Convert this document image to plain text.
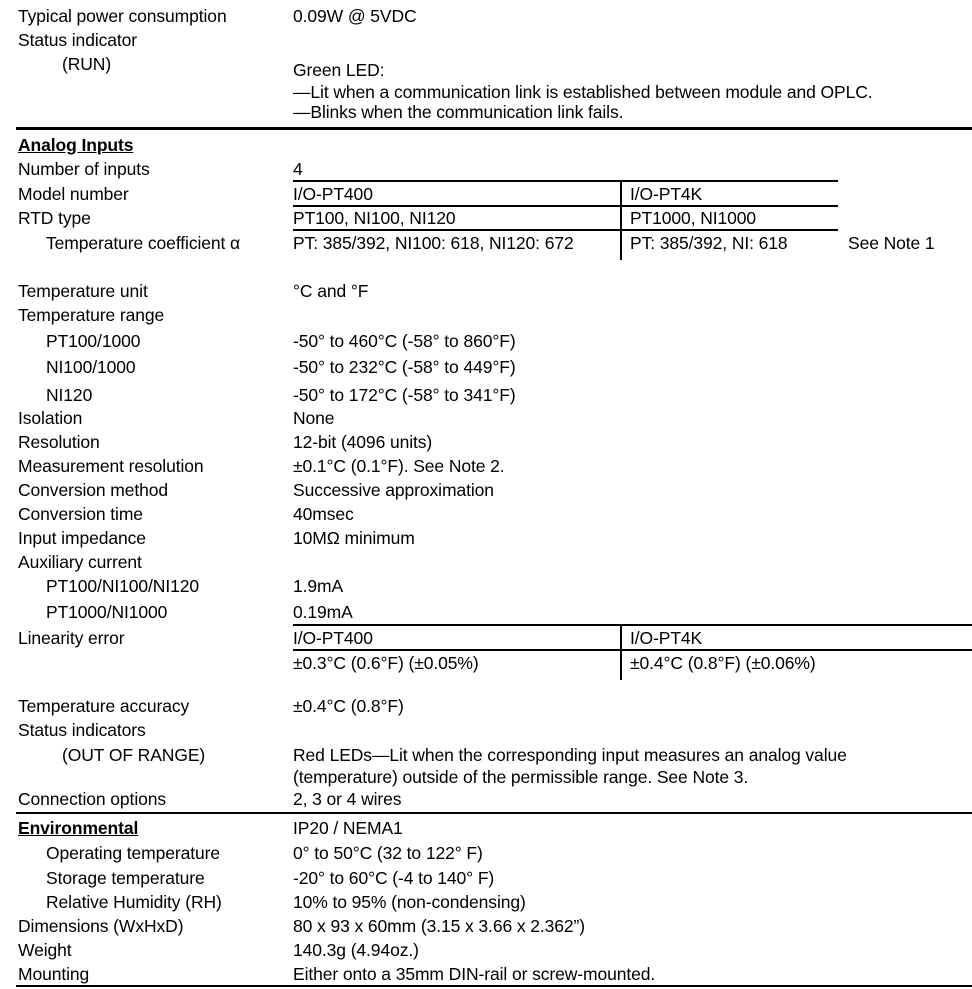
Typical power consumption	0.09W @ 5VDC
Status indicator
(RUN)	Green LED:
—Lit when a communication link is established between module and OPLC.
—Blinks when the communication link fails.
Analog Inputs
Number of inputs	4
Model number	I/O-PT400	I/O-PT4K
RTD type	PT100, NI100, NI120	PT1000, NI1000
Temperature coefficient α	PT: 385/392, NI100: 618, NI120: 672	PT: 385/392, NI: 618	See Note 1
Temperature unit	°C and °F
Temperature range
PT100/1000	-50° to 460°C (-58° to 860°F)
NI100/1000	-50° to 232°C (-58° to 449°F)
NI120	-50° to 172°C (-58° to 341°F)
Isolation	None
Resolution	12-bit (4096 units)
Measurement resolution	±0.1°C (0.1°F). See Note 2.
Conversion method	Successive approximation
Conversion time	40msec
Input impedance	10MΩ minimum
Auxiliary current
PT100/NI100/NI120	1.9mA
PT1000/NI1000	0.19mA
Linearity error	I/O-PT400	I/O-PT4K
±0.3°C (0.6°F) (±0.05%)	±0.4°C (0.8°F) (±0.06%)
Temperature accuracy	±0.4°C (0.8°F)
Status indicators
(OUT OF RANGE)	Red LEDs—Lit when the corresponding input measures an analog value
(temperature) outside of the permissible range. See Note 3.
Connection options	2, 3 or 4 wires
Environmental	IP20 / NEMA1
Operating temperature	0° to 50°C (32 to 122° F)
Storage temperature	-20° to 60°C (-4 to 140° F)
Relative Humidity (RH)	10% to 95% (non-condensing)
Dimensions (WxHxD)	80 x 93 x 60mm (3.15 x 3.66 x 2.362”)
Weight	140.3g (4.94oz.)
Mounting	Either onto a 35mm DIN-rail or screw-mounted.
